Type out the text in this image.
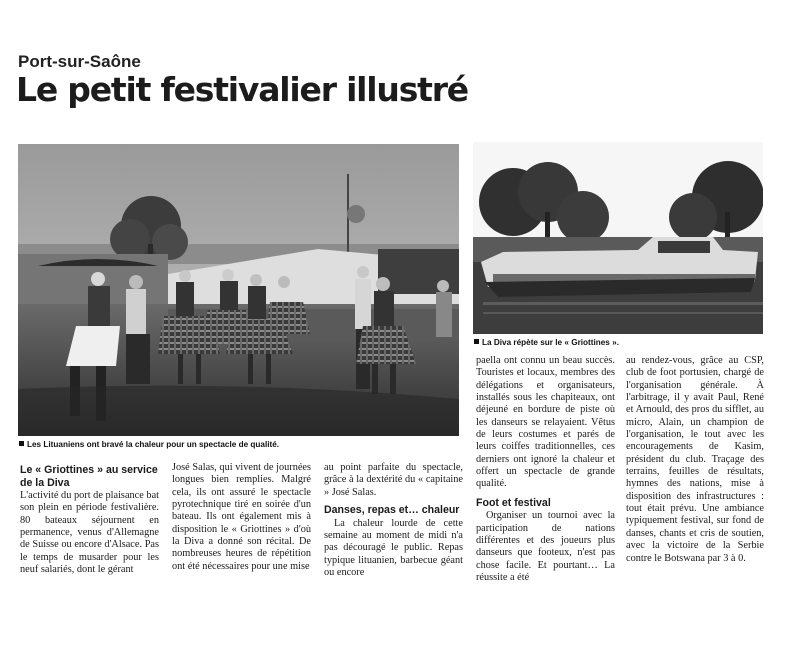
Port-sur-Saône
Le petit festivalier illustré
Les Lituaniens ont bravé la chaleur pour un spectacle de qualité.
La Diva répète sur le « Griottines ».
Le « Griottines » au service de la Diva

L'activité du port de plaisance bat son plein en période festivalière. 80 bateaux séjournent en permanence, venus d'Allemagne de Suisse ou encore d'Alsace. Pas le temps de musarder pour les neuf salariés, dont le gérant

José Salas, qui vivent de journées longues bien remplies. Malgré cela, ils ont assuré le spectacle pyrotechnique tiré en soirée d'un bateau. Ils ont également mis à disposition le « Griottines » d'où la Diva a donné son récital. De nombreuses heures de répétition ont été nécessaires pour une mise

au point parfaite du spectacle, grâce à la dextérité du « capitaine » José Salas.

Danses, repas et… chaleur

La chaleur lourde de cette semaine au moment de midi n'a pas découragé le public. Repas typique lituanien, barbecue géant ou encore

paella ont connu un beau succès. Touristes et locaux, membres des délégations et organisateurs, installés sous les chapiteaux, ont déjeuné en bordure de piste où les danseurs se relayaient. Vêtus de leurs costumes et parés de leurs coiffes traditionnelles, ces derniers ont ignoré la chaleur et offert un spectacle de grande qualité.

Foot et festival

Organiser un tournoi avec la participation de nations différentes et des joueurs plus danseurs que footeux, n'est pas chose facile. Et pourtant… La réussite a été

au rendez-vous, grâce au CSP, club de foot portusien, chargé de l'organisation générale. À l'arbitrage, il y avait Paul, René et Arnould, des pros du sifflet, au micro, Alain, un champion de l'organisation, le tout avec les encouragements de Kasim, président du club. Traçage des terrains, feuilles de résultats, hymnes des nations, mise à disposition des infrastructures : tout était prévu. Une ambiance typiquement festival, sur fond de danses, chants et cris de soutien, avec la victoire de la Serbie contre le Botswana par 3 à 0.
